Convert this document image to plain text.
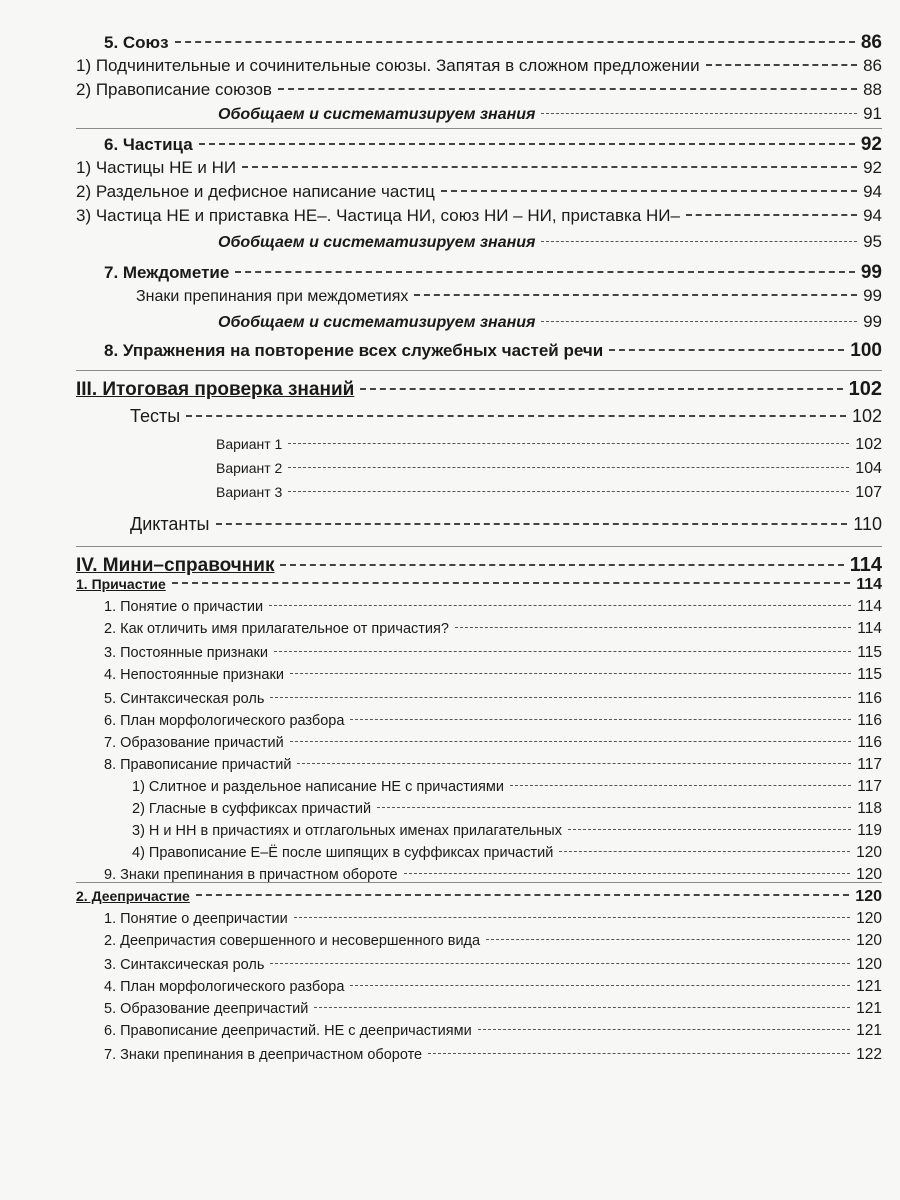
5. Союз	86
1) Подчинительные и сочинительные союзы. Запятая в сложном предложении	86
2) Правописание союзов	88
Обобщаем и систематизируем знания	91
6. Частица	92
1) Частицы НЕ и НИ	92
2) Раздельное и дефисное написание частиц	94
3) Частица НЕ и приставка НЕ–. Частица НИ, союз НИ – НИ, приставка НИ–	94
Обобщаем и систематизируем знания	95
7. Междометие	99
Знаки препинания при междометиях	99
Обобщаем и систематизируем знания	99
8. Упражнения на повторение всех служебных частей речи	100
III. Итоговая проверка знаний	102
Тесты	102
Вариант 1	102
Вариант 2	104
Вариант 3	107
Диктанты	110
IV. Мини–справочник	114
1. Причастие	114
1. Понятие о причастии	114
2. Как отличить имя прилагательное от причастия?	114
3. Постоянные признаки	115
4. Непостоянные признаки	115
5. Синтаксическая роль	116
6. План морфологического разбора	116
7. Образование причастий	116
8. Правописание причастий	117
1) Слитное и раздельное написание НЕ с причастиями	117
2) Гласные в суффиксах причастий	118
3) Н и НН в причастиях и отглагольных именах прилагательных	119
4) Правописание Е–Ё после шипящих в суффиксах причастий	120
9. Знаки препинания в причастном обороте	120
2. Деепричастие	120
1. Понятие о деепричастии	120
2. Деепричастия совершенного и несовершенного вида	120
3. Синтаксическая роль	120
4. План морфологического разбора	121
5. Образование деепричастий	121
6. Правописание деепричастий. НЕ с деепричастиями	121
7. Знаки препинания в деепричастном обороте	122
